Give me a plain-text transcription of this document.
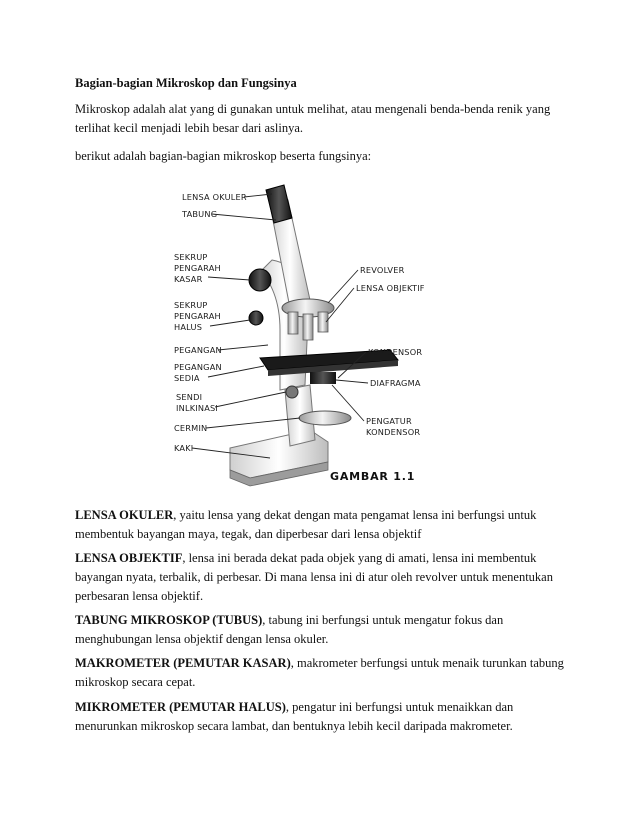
Bagian-bagian Mikroskop dan Fungsinya

Mikroskop adalah alat yang di gunakan untuk melihat, atau mengenali benda-benda renik yang terlihat kecil menjadi lebih besar dari aslinya.

berikut adalah bagian-bagian mikroskop beserta fungsinya:

LENSA OKULER
TABUNG
SEKRUP
PENGARAH
KASAR
SEKRUP
PENGARAH
HALUS
PEGANGAN
PEGANGAN
SEDIA
SENDI
INLKINASI
CERMIN
KAKI
REVOLVER
LENSA OBJEKTIF
KONDENSOR
DIAFRAGMA
PENGATUR
KONDENSOR
GAMBAR 1.1

LENSA OKULER, yaitu lensa yang dekat dengan mata pengamat lensa ini berfungsi untuk membentuk bayangan maya, tegak, dan diperbesar dari lensa objektif

LENSA OBJEKTIF, lensa ini berada dekat pada objek yang di amati, lensa ini membentuk bayangan nyata, terbalik, di perbesar. Di mana lensa ini di atur oleh revolver untuk menentukan perbesaran lensa objektif.

TABUNG MIKROSKOP (TUBUS), tabung ini berfungsi untuk mengatur fokus dan menghubungan lensa objektif dengan lensa okuler.

MAKROMETER (PEMUTAR KASAR), makrometer berfungsi untuk menaik turunkan tabung mikroskop secara cepat.

MIKROMETER (PEMUTAR HALUS), pengatur ini berfungsi untuk menaikkan dan menurunkan mikroskop secara lambat, dan bentuknya lebih kecil daripada makrometer.
